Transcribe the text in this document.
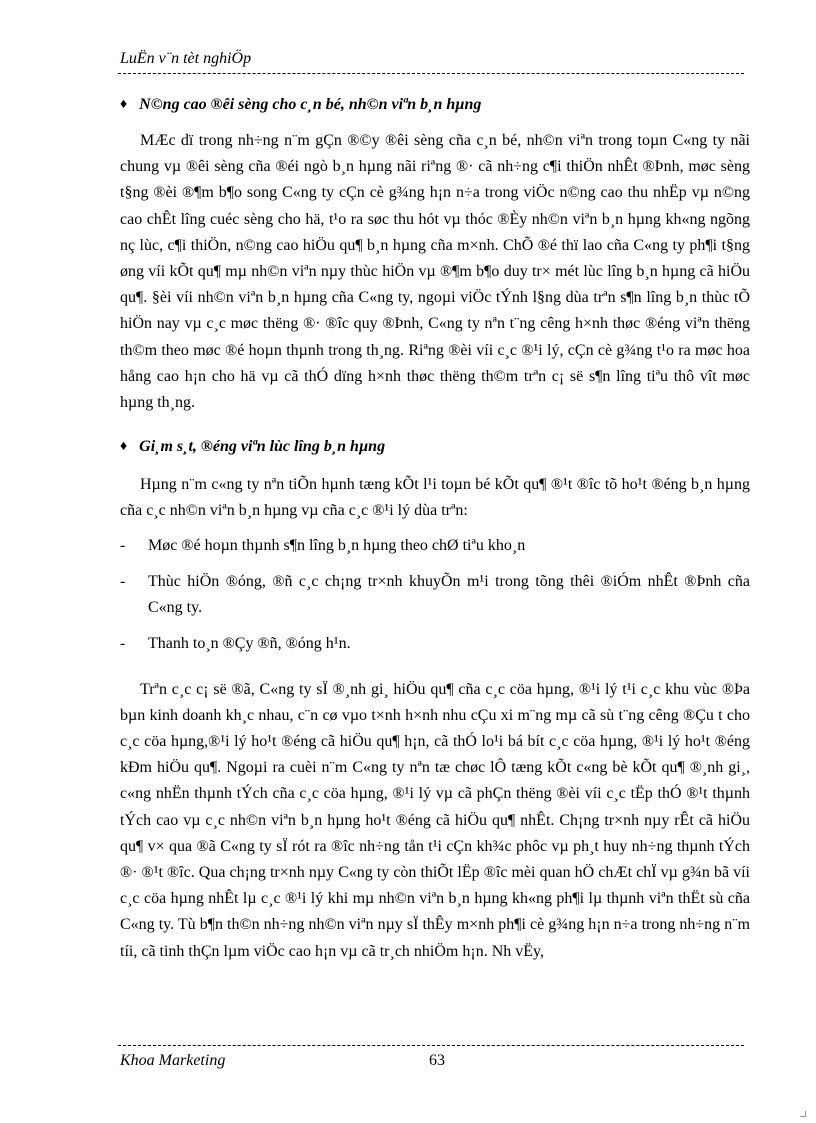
LuËn v¨n tèt nghiÖp
♦ N©ng cao ®êi sèng cho c¸n bé, nh©n viªn b¸n hµng

MÆc dï trong nh÷ng n¨m gÇn ®©y ®êi sèng cña c¸n bé, nh©n viªn trong toµn C«ng ty nãi chung vµ ®êi sèng cña ®éi ngò b¸n hµng nãi riªng ®· cã nh÷ng c¶i thiÖn nhÊt ®Þnh, møc sèng t§ng ®èi ®¶m b¶o song C«ng ty cÇn cè g¾ng h¡n n÷a trong viÖc n©ng cao thu nhËp vµ n©ng cao chÊt lîng cuéc sèng cho hä, t¹o ra søc thu hót vµ thóc ®Èy nh©n viªn b¸n hµng kh«ng ngõng nç lùc, c¶i thiÖn, n©ng cao hiÖu qu¶ b¸n hµng cña m×nh. ChÕ ®é thï lao cña C«ng ty ph¶i t§ng øng víi kÕt qu¶ mµ nh©n viªn nµy thùc hiÖn vµ ®¶m b¶o duy tr× mét lùc lîng b¸n hµng cã hiÖu qu¶. §èi víi nh©n viªn b¸n hµng cña C«ng ty, ngoµi viÖc tÝnh l§ng dùa trªn s¶n lîng b¸n thùc tÕ hiÖn nay vµ c¸c møc thëng ®· ®îc quy ®Þnh, C«ng ty nªn t¨ng cêng h×nh thøc ®éng viªn thëng th©m theo møc ®é hoµn thµnh trong th¸ng. Riªng ®èi víi c¸c ®¹i lý, cÇn cè g¾ng t¹o ra møc hoa hång cao h¡n cho hä vµ cã thÓ dïng h×nh thøc thëng th©m trªn c¡ së s¶n lîng tiªu thô vît møc hµng th¸ng.

♦ Gi¸m s¸t, ®éng viªn lùc lîng b¸n hµng

Hµng n¨m c«ng ty nªn tiÕn hµnh tæng kÕt l¹i toµn bé kÕt qu¶ ®¹t ®îc tõ ho¹t ®éng b¸n hµng cña c¸c nh©n viªn b¸n hµng vµ cña c¸c ®¹i lý dùa trªn:

-	Møc ®é hoµn thµnh s¶n lîng b¸n hµng theo chØ tiªu kho¸n
-	Thùc hiÖn ®óng, ®ñ c¸c ch¡ng tr×nh khuyÕn m¹i trong tõng thêi ®iÓm nhÊt ®Þnh cña C«ng ty.
-	Thanh to¸n ®Çy ®ñ, ®óng h¹n.

Trªn c¸c c¡ së ®ã, C«ng ty sÏ ®¸nh gi¸ hiÖu qu¶ cña c¸c cöa hµng, ®¹i lý t¹i c¸c khu vùc ®Þa bµn kinh doanh kh¸c nhau, c¨n cø vµo t×nh h×nh nhu cÇu xi m¨ng mµ cã sù t¨ng cêng ®Çu t cho c¸c cöa hµng,®¹i lý ho¹t ®éng cã hiÖu qu¶ h¡n, cã thÓ lo¹i bá bít c¸c cöa hµng, ®¹i lý ho¹t ®éng kÐm hiÖu qu¶. Ngoµi ra cuèi n¨m C«ng ty nªn tæ chøc lÔ tæng kÕt c«ng bè kÕt qu¶ ®¸nh gi¸, c«ng nhËn thµnh tÝch cña c¸c cöa hµng, ®¹i lý vµ cã phÇn thëng ®èi víi c¸c tËp thÓ ®¹t thµnh tÝch cao vµ c¸c nh©n viªn b¸n hµng ho¹t ®éng cã hiÖu qu¶ nhÊt. Ch¡ng tr×nh nµy rÊt cã hiÖu qu¶ v× qua ®ã C«ng ty sÏ rót ra ®îc nh÷ng tån t¹i cÇn kh¾c phôc vµ ph¸t huy nh÷ng thµnh tÝch ®· ®¹t ®îc. Qua ch¡ng tr×nh nµy C«ng ty còn thiÕt lËp ®îc mèi quan hÖ chÆt chÏ vµ g¾n bã víi c¸c cöa hµng nhÊt lµ c¸c ®¹i lý khi mµ nh©n viªn b¸n hµng kh«ng ph¶i lµ thµnh viªn thËt sù cña C«ng ty. Tù b¶n th©n nh÷ng nh©n viªn nµy sÏ thÊy m×nh ph¶i cè g¾ng h¡n n÷a trong nh÷ng n¨m tíi, cã tinh thÇn lµm viÖc cao h¡n vµ cã tr¸ch nhiÖm h¡n. Nh vËy,

Khoa Marketing	63
